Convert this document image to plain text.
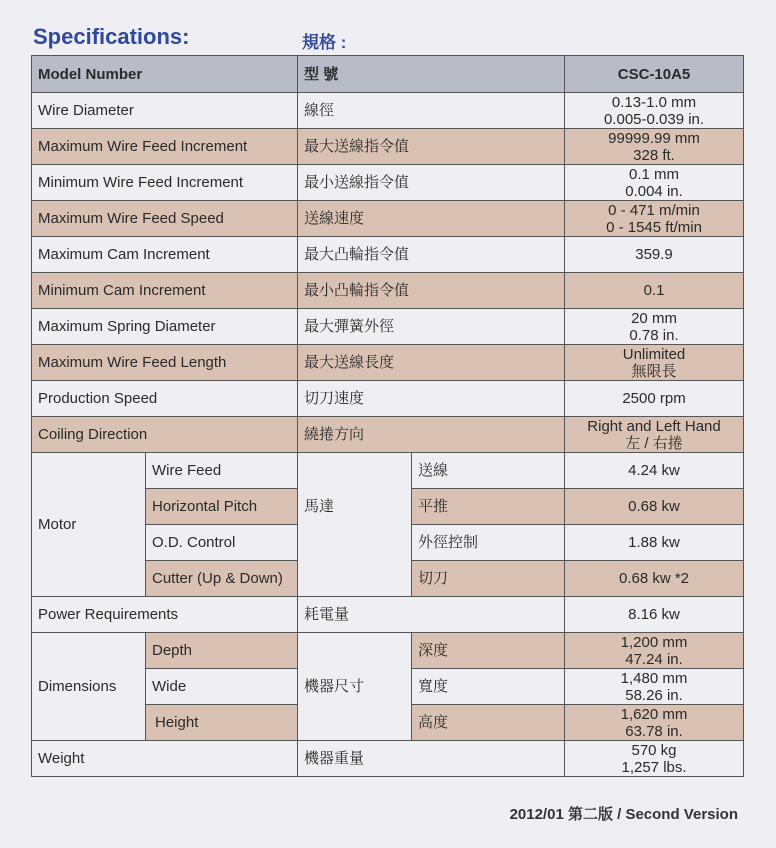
Specifications:	規格 :
Model Number		型 號		CSC-10A5
Wire Diameter		線徑		0.13-1.0 mm
0.005-0.039 in.

Maximum Wire Feed Increment		最大送線指令值		99999.99 mm
328 ft.

Minimum Wire Feed Increment		最小送線指令值		0.1 mm
0.004 in.

Maximum Wire Feed Speed		送線速度		0 - 471 m/min
0 - 1545 ft/min

Maximum Cam Increment		最大凸輪指令值		359.9
Minimum Cam Increment		最小凸輪指令值		0.1
Maximum Spring Diameter		最大彈簧外徑		20 mm
0.78 in.

Maximum Wire Feed Length		最大送線長度		Unlimited
無限長

Production Speed		切刀速度		2500 rpm
Coiling Direction		繞捲方向		Right and Left Hand
左 / 右捲

Motor	Wire Feed	馬達	送線	4.24 kw
	Horizontal Pitch		平推	0.68 kw
	O.D. Control		外徑控制	1.88 kw
	Cutter (Up & Down)		切刀	0.68 kw *2
Power Requirements		耗電量		8.16 kw
Dimensions	Depth	機器尺寸	深度	1,200 mm
47.24 in.

	Wide		寬度	1,480 mm
58.26 in.

	Height		高度	1,620 mm
63.78 in.

Weight		機器重量		570 kg
1,257 lbs.
2012/01 第二版 / Second Version
